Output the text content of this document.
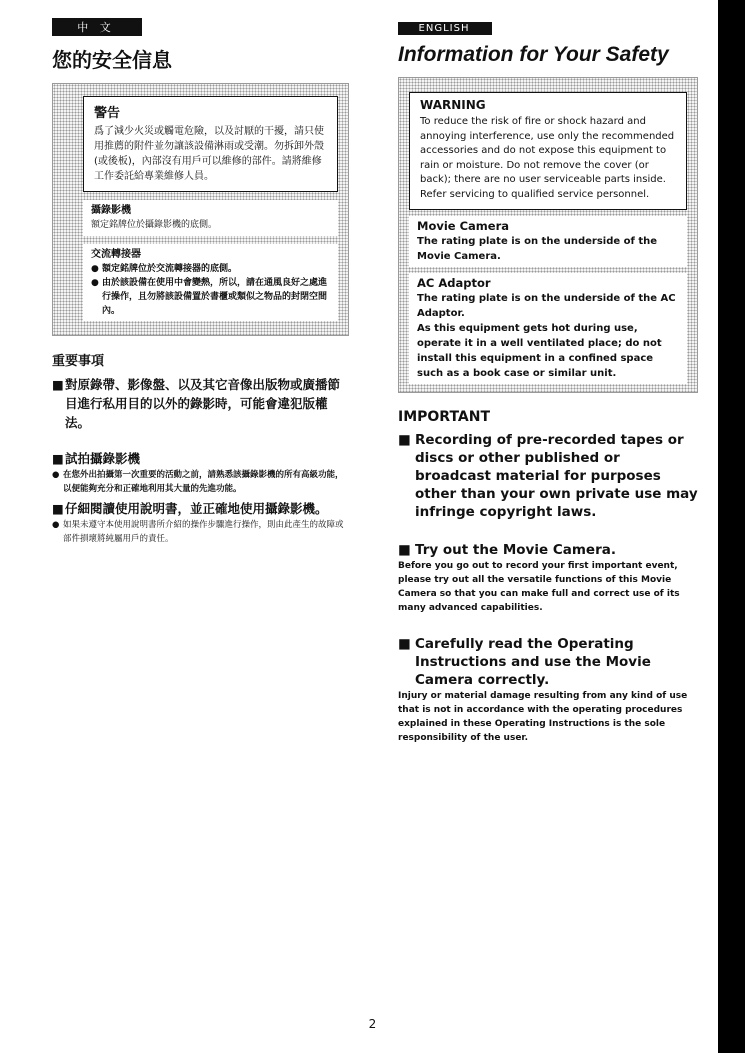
中 文
您的安全信息
警告
爲了減少火災或觸電危險，以及討厭的干擾，請只使用推薦的附件並勿讓該設備淋雨或受潮。勿拆卸外殼(或後板)，內部沒有用戶可以維修的部件。請將維修工作委託給專業維修人員。
攝錄影機
額定銘牌位於攝錄影機的底側。
交流轉接器
● 額定銘牌位於交流轉接器的底側。
● 由於該設備在使用中會變熱，所以，請在通風良好之處進行操作，且勿將該設備置於書櫃或類似之物品的封閉空間內。
重要事項
■ 對原錄帶、影像盤、以及其它音像出版物或廣播節目進行私用目的以外的錄影時，可能會違犯版權法。
■ 試拍攝錄影機
● 在您外出拍攝第一次重要的活動之前，請熟悉該攝錄影機的所有高級功能，以便能夠充分和正確地利用其大量的先進功能。
■ 仔細閱讀使用說明書，並正確地使用攝錄影機。
● 如果未遵守本使用說明書所介紹的操作步驟進行操作，則由此產生的故障或部件損壞將純屬用戶的責任。
ENGLISH
Information for Your Safety
WARNING
To reduce the risk of fire or shock hazard and annoying interference, use only the recommended accessories and do not expose this equipment to rain or moisture. Do not remove the cover (or back); there are no user serviceable parts inside. Refer servicing to qualified service personnel.
Movie Camera
The rating plate is on the underside of the Movie Camera.
AC Adaptor
The rating plate is on the underside of the AC Adaptor.
As this equipment gets hot during use, operate it in a well ventilated place; do not install this equipment in a confined space such as a book case or similar unit.
IMPORTANT
■ Recording of pre-recorded tapes or discs or other published or broadcast material for purposes other than your own private use may infringe copyright laws.
■ Try out the Movie Camera.
Before you go out to record your first important event, please try out all the versatile functions of this Movie Camera so that you can make full and correct use of its many advanced capabilities.
■ Carefully read the Operating Instructions and use the Movie Camera correctly.
Injury or material damage resulting from any kind of use that is not in accordance with the operating procedures explained in these Operating Instructions is the sole responsibility of the user.
2
